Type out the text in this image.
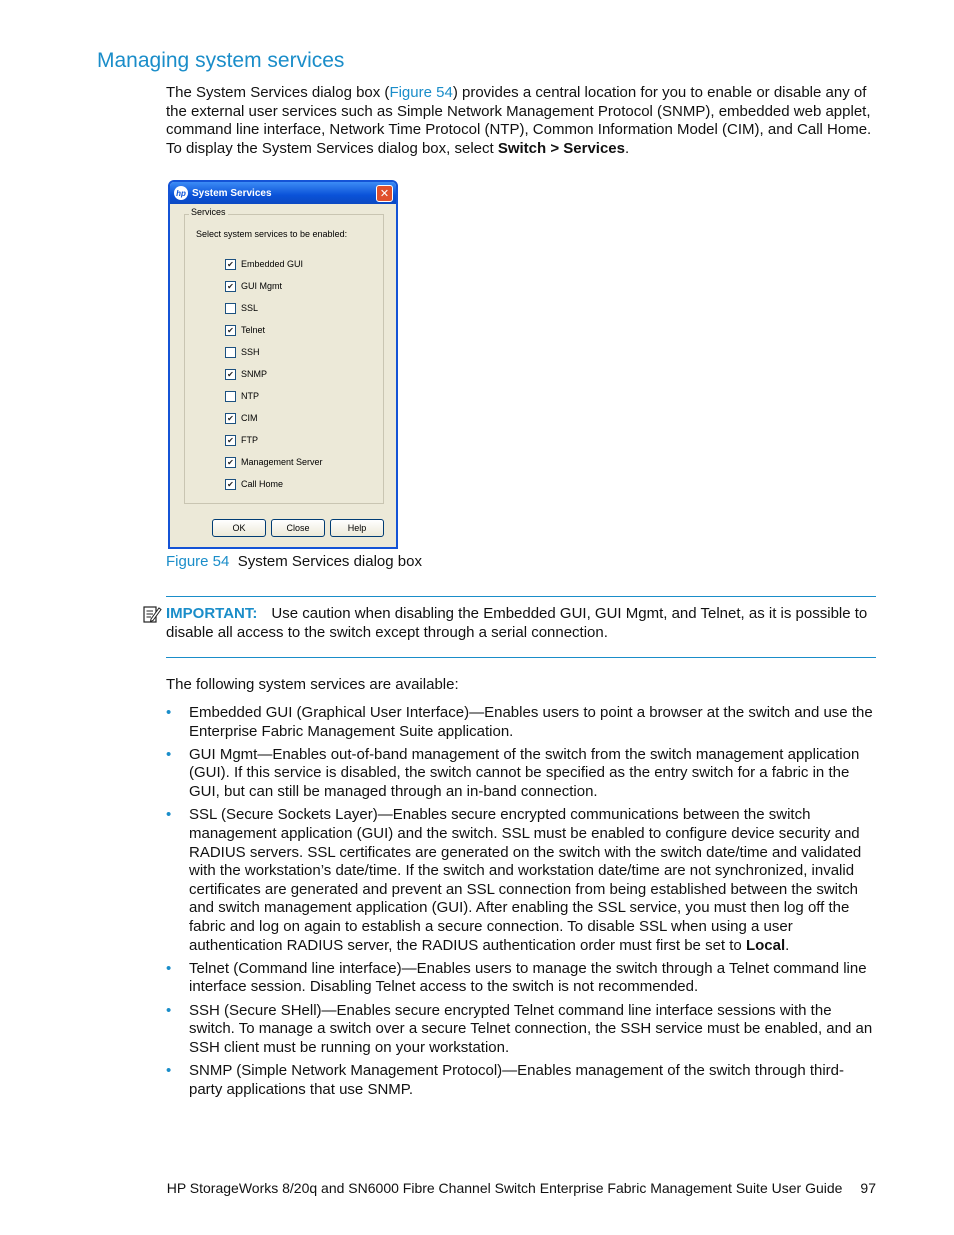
Managing system services

The System Services dialog box (Figure 54) provides a central location for you to enable or disable any of the external user services such as Simple Network Management Protocol (SNMP), embedded web applet, command line interface, Network Time Protocol (NTP), Common Information Model (CIM), and Call Home. To display the System Services dialog box, select Switch > Services.

hp System Services	✕
Services
Select system services to be enabled:
✔ Embedded GUI
✔ GUI Mgmt
SSL
✔ Telnet
SSH
✔ SNMP
NTP
✔ CIM
✔ FTP
✔ Management Server
✔ Call Home
OK	Close	Help

Figure 54 System Services dialog box

IMPORTANT: Use caution when disabling the Embedded GUI, GUI Mgmt, and Telnet, as it is possible to disable all access to the switch except through a serial connection.

The following system services are available:

• Embedded GUI (Graphical User Interface)—Enables users to point a browser at the switch and use the Enterprise Fabric Management Suite application.
• GUI Mgmt—Enables out-of-band management of the switch from the switch management application (GUI). If this service is disabled, the switch cannot be specified as the entry switch for a fabric in the GUI, but can still be managed through an in-band connection.
• SSL (Secure Sockets Layer)—Enables secure encrypted communications between the switch management application (GUI) and the switch. SSL must be enabled to configure device security and RADIUS servers. SSL certificates are generated on the switch with the switch date/time and validated with the workstation’s date/time. If the switch and workstation date/time are not synchronized, invalid certificates are generated and prevent an SSL connection from being established between the switch and switch management application (GUI). After enabling the SSL service, you must then log off the fabric and log on again to establish a secure connection. To disable SSL when using a user authentication RADIUS server, the RADIUS authentication order must first be set to Local.
• Telnet (Command line interface)—Enables users to manage the switch through a Telnet command line interface session. Disabling Telnet access to the switch is not recommended.
• SSH (Secure SHell)—Enables secure encrypted Telnet command line interface sessions with the switch. To manage a switch over a secure Telnet connection, the SSH service must be enabled, and an SSH client must be running on your workstation.
• SNMP (Simple Network Management Protocol)—Enables management of the switch through third-party applications that use SNMP.
HP StorageWorks 8/20q and SN6000 Fibre Channel Switch Enterprise Fabric Management Suite User Guide 97
